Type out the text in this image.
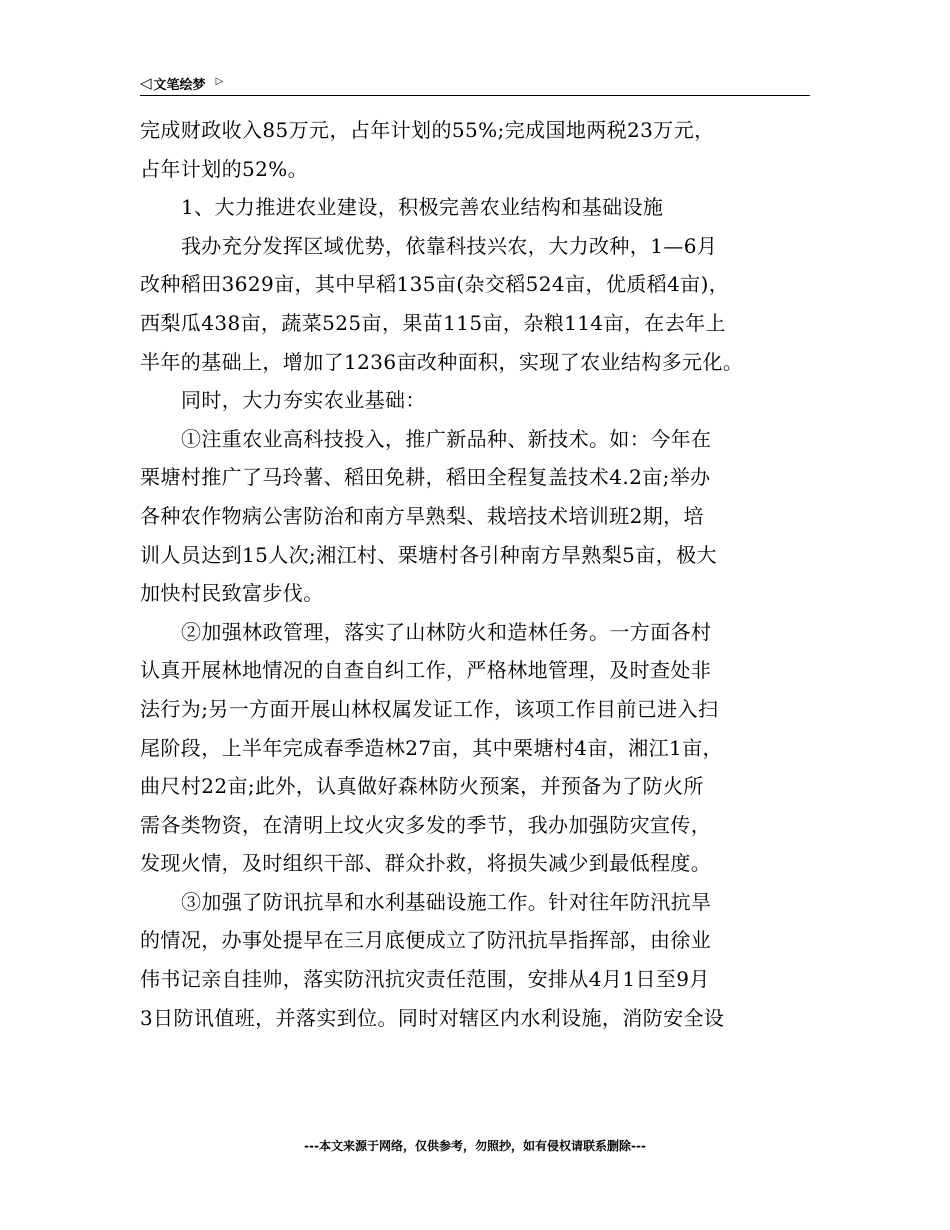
◁ 文笔绘梦 ▷
完成财政收入85万元，占年计划的55%;完成国地两税23万元，
占年计划的52%。
1、大力推进农业建设，积极完善农业结构和基础设施
我办充分发挥区域优势，依靠科技兴农，大力改种，1—6月
改种稻田3629亩，其中早稻135亩(杂交稻524亩，优质稻4亩)，
西梨瓜438亩，蔬菜525亩，果苗115亩，杂粮114亩，在去年上
半年的基础上，增加了1236亩改种面积，实现了农业结构多元化。
同时，大力夯实农业基础：
①注重农业高科技投入，推广新品种、新技术。如：今年在
栗塘村推广了马玲薯、稻田免耕，稻田全程复盖技术4.2亩;举办
各种农作物病公害防治和南方旱熟梨、栽培技术培训班2期，培
训人员达到15人次;湘江村、栗塘村各引种南方旱熟梨5亩，极大
加快村民致富步伐。
②加强林政管理，落实了山林防火和造林任务。一方面各村
认真开展林地情况的自查自纠工作，严格林地管理，及时查处非
法行为;另一方面开展山林权属发证工作，该项工作目前已进入扫
尾阶段，上半年完成春季造林27亩，其中栗塘村4亩，湘江1亩，
曲尺村22亩;此外，认真做好森林防火预案，并预备为了防火所
需各类物资，在清明上坟火灾多发的季节，我办加强防灾宣传，
发现火情，及时组织干部、群众扑救，将损失减少到最低程度。
③加强了防讯抗旱和水利基础设施工作。针对往年防汛抗旱
的情况，办事处提早在三月底便成立了防汛抗旱指挥部，由徐业
伟书记亲自挂帅，落实防汛抗灾责任范围，安排从4月1日至9月
3日防讯值班，并落实到位。同时对辖区内水利设施，消防安全设
---本文来源于网络，仅供参考，勿照抄，如有侵权请联系删除---
